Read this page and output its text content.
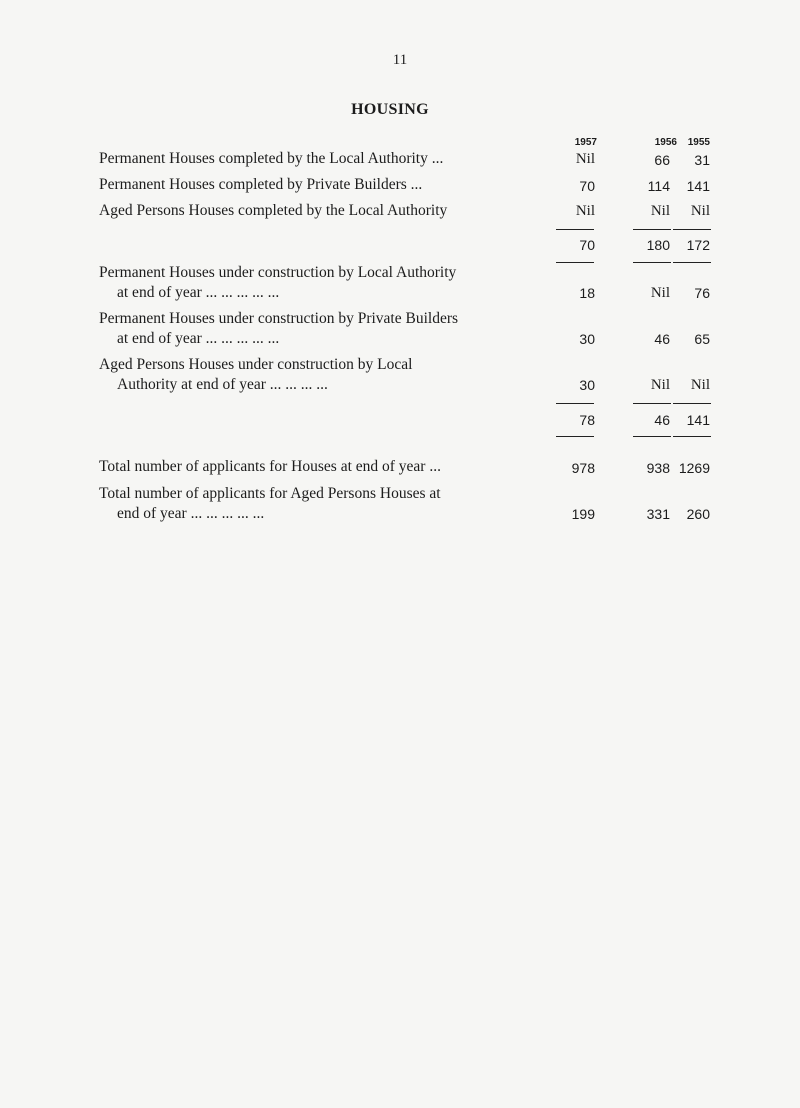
11
HOUSING
1957	1956	1955
Permanent Houses completed by the Local Authority ...	Nil	66	31
Permanent Houses completed by Private Builders ...	70	114	141
Aged Persons Houses completed by the Local Authority	Nil	Nil	Nil
70	180	172
Permanent Houses under construction by Local Authority
at end of year ... ... ... ... ...	18	Nil	76
Permanent Houses under construction by Private Builders
at end of year ... ... ... ... ...	30	46	65
Aged Persons Houses under construction by Local
Authority at end of year ... ... ... ...	30	Nil	Nil
78	46	141
Total number of applicants for Houses at end of year ...	978	938 1269
Total number of applicants for Aged Persons Houses at
end of year ... ... ... ... ...	199	331	260
